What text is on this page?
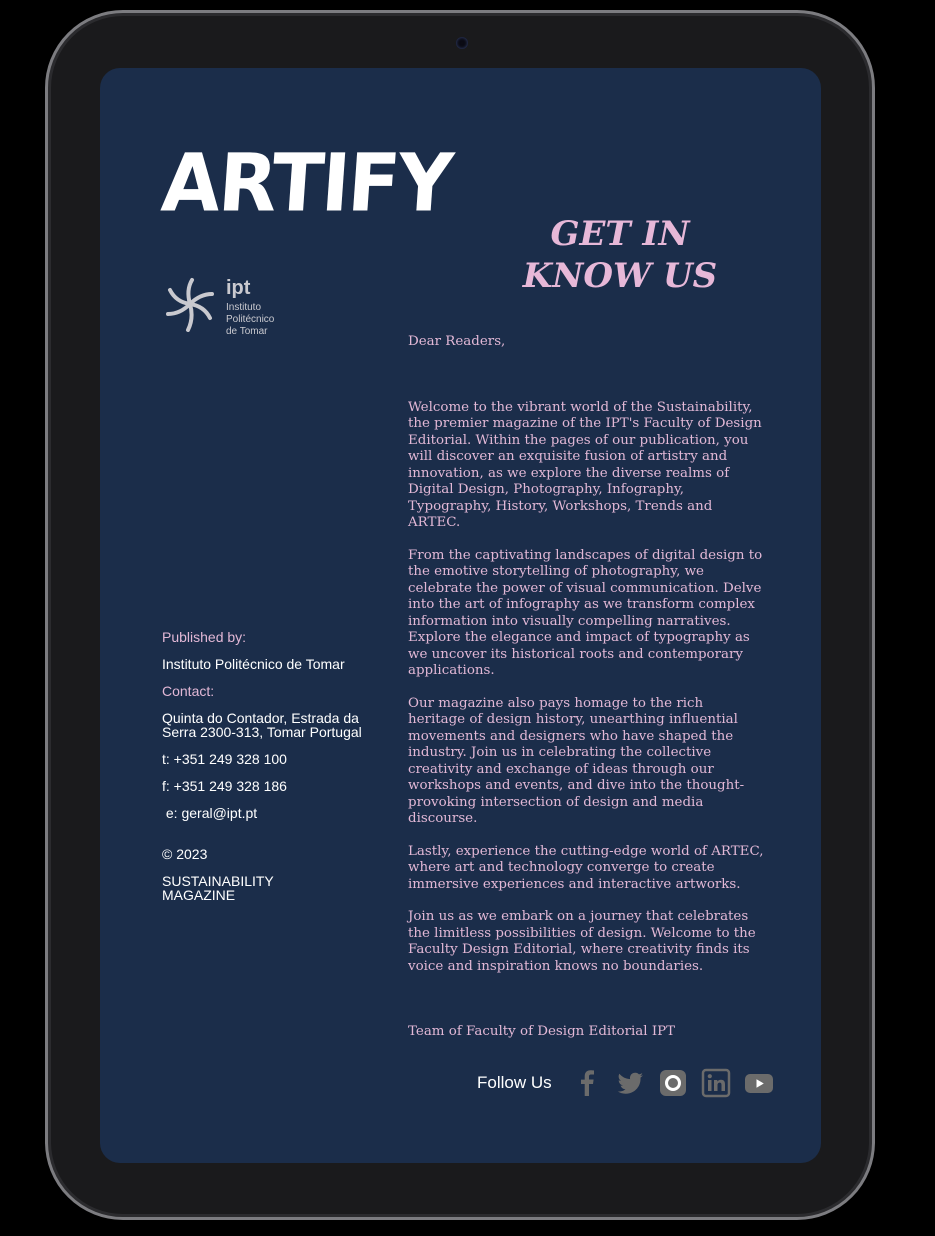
ARTIFY
ipt
Instituto
Politécnico
de Tomar
GET IN KNOW US

Dear Readers,

Welcome to the vibrant world of the Sustainability, the premier magazine of the IPT's Faculty of Design Editorial. Within the pages of our publication, you will discover an exquisite fusion of artistry and innovation, as we explore the diverse realms of Digital Design, Photography, Infography, Typography, History, Workshops, Trends and ARTEC.

From the captivating landscapes of digital design to the emotive storytelling of photography, we celebrate the power of visual communication. Delve into the art of infography as we transform complex information into visually compelling narratives. Explore the elegance and impact of typography as we uncover its historical roots and contemporary applications.

Our magazine also pays homage to the rich heritage of design history, unearthing influential movements and designers who have shaped the industry. Join us in celebrating the collective creativity and exchange of ideas through our workshops and events, and dive into the thought-provoking intersection of design and media discourse.

Lastly, experience the cutting-edge world of ARTEC, where art and technology converge to create immersive experiences and interactive artworks.

Join us as we embark on a journey that celebrates the limitless possibilities of design. Welcome to the Faculty Design Editorial, where creativity finds its voice and inspiration knows no boundaries.

Team of Faculty of Design Editorial IPT

Published by:
Instituto Politécnico de Tomar
Contact:
Quinta do Contador, Estrada da Serra 2300-313, Tomar Portugal
t: +351 249 328 100
f: +351 249 328 186
e: geral@ipt.pt
© 2023
SUSTAINABILITY MAGAZINE
Follow Us
